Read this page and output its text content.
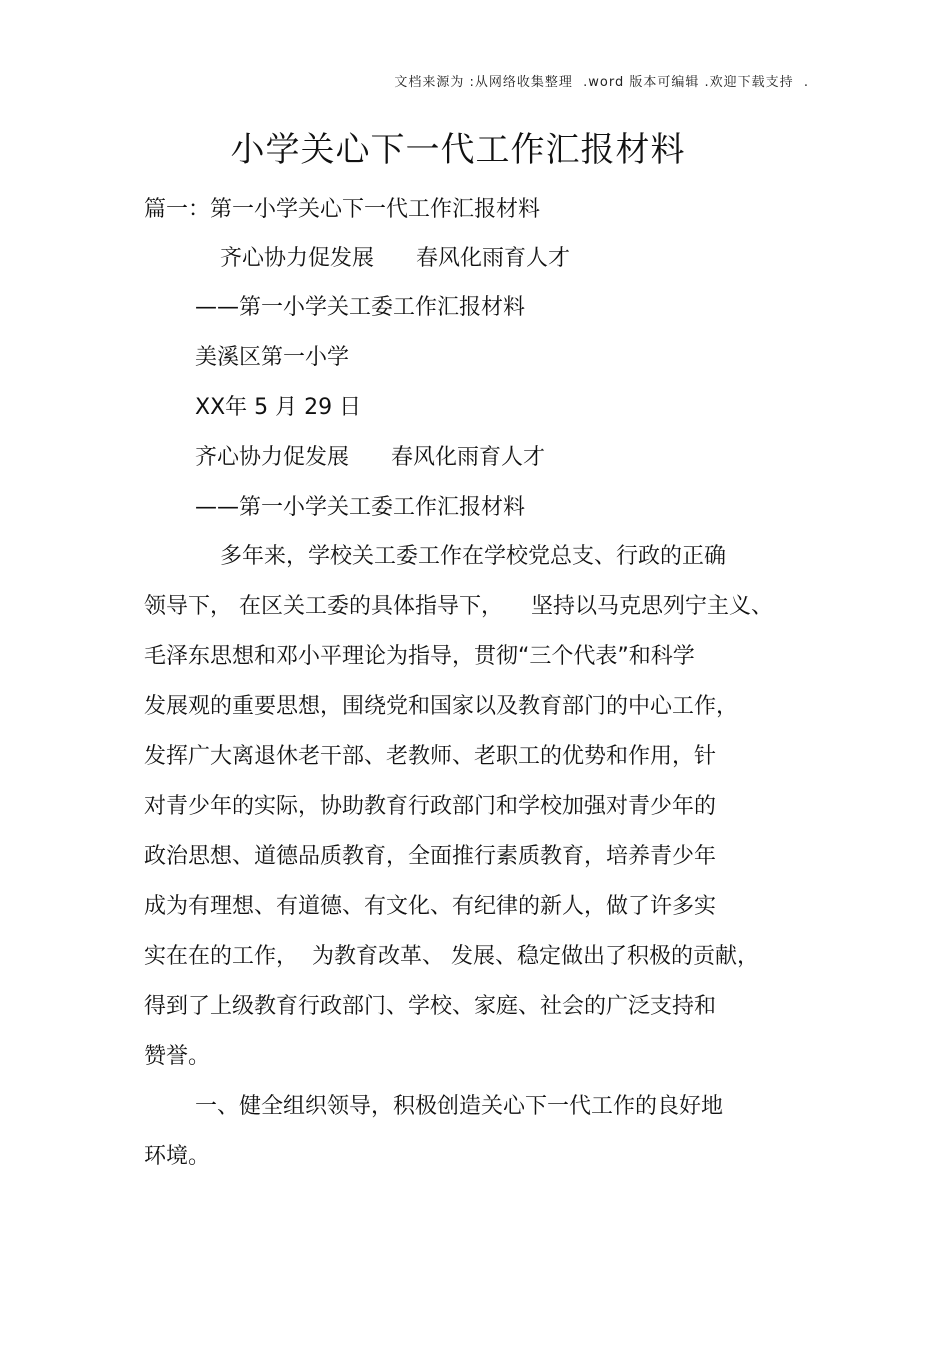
文档来源为 :从网络收集整理  .word 版本可编辑 .欢迎下载支持  .
小学关心下一代工作汇报材料
篇一：第一小学关心下一代工作汇报材料
齐心协力促发展      春风化雨育人才
——第一小学关工委工作汇报材料
美溪区第一小学
XX年 5 月 29 日
齐心协力促发展      春风化雨育人才
——第一小学关工委工作汇报材料
多年来，学校关工委工作在学校党总支、行政的正确
领导下， 在区关工委的具体指导下，    坚持以马克思列宁主义、
毛泽东思想和邓小平理论为指导，贯彻“三个代表”和科学
发展观的重要思想，围绕党和国家以及教育部门的中心工作，
发挥广大离退休老干部、老教师、老职工的优势和作用，针
对青少年的实际，协助教育行政部门和学校加强对青少年的
政治思想、道德品质教育，全面推行素质教育，培养青少年
成为有理想、有道德、有文化、有纪律的新人，做了许多实
实在在的工作，  为教育改革、 发展、稳定做出了积极的贡献，
得到了上级教育行政部门、学校、家庭、社会的广泛支持和
赞誉。
一、健全组织领导，积极创造关心下一代工作的良好地
环境。
